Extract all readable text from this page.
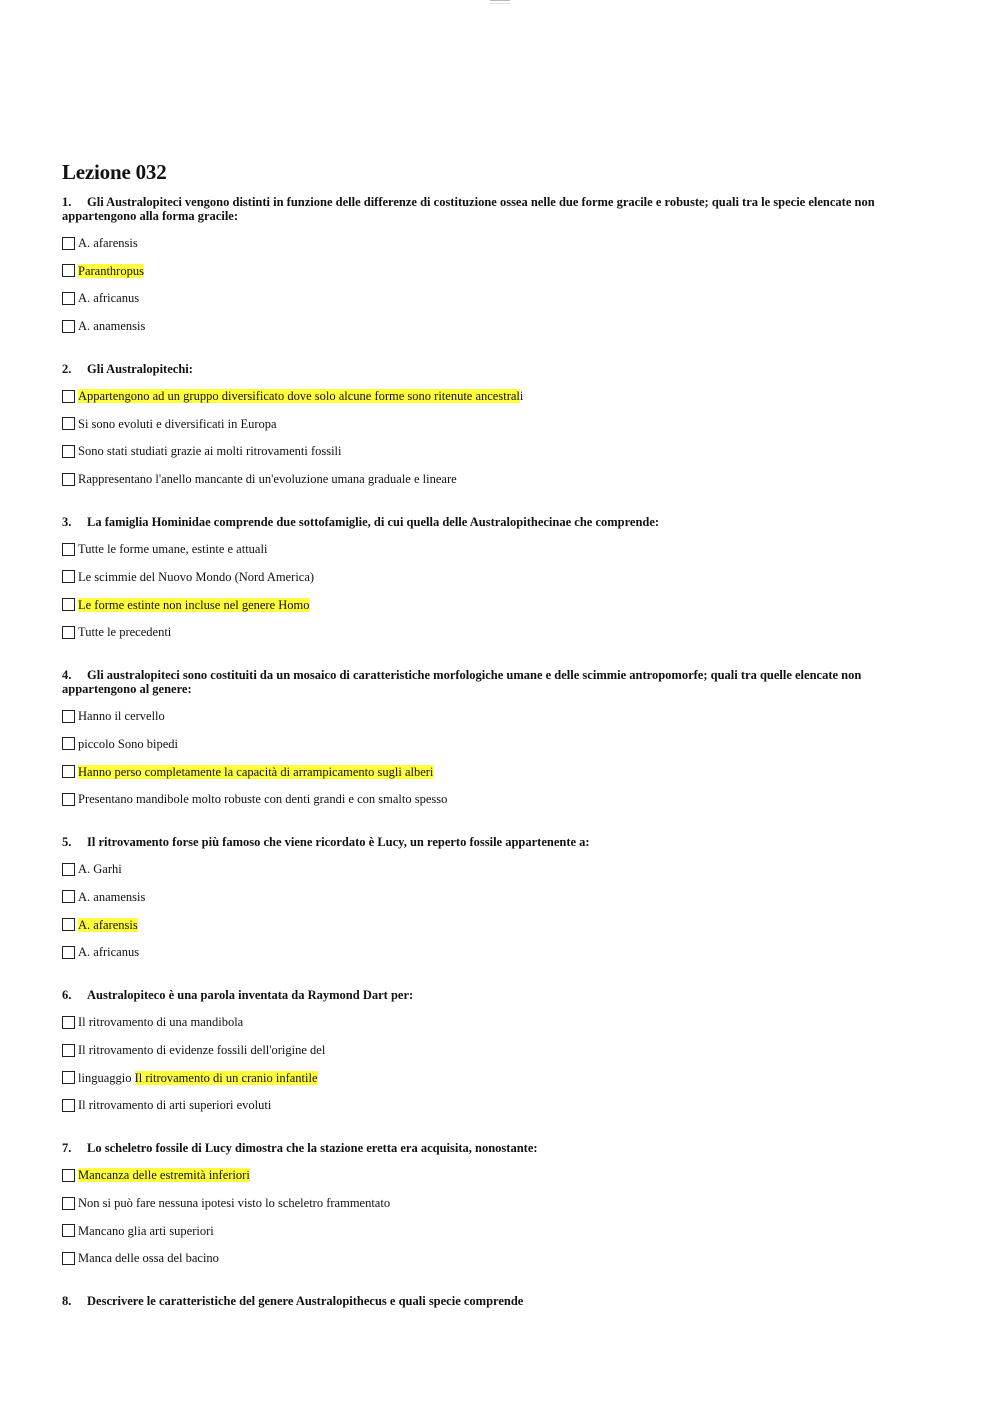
Lezione 032
1. Gli Australopiteci vengono distinti in funzione delle differenze di costituzione ossea nelle due forme gracile e robuste; quali tra le specie elencate non appartengono alla forma gracile:
A. afarensis
Paranthropus
A. africanus
A. anamensis
2. Gli Australopitechi:
Appartengono ad un gruppo diversificato dove solo alcune forme sono ritenute ancestrali
Si sono evoluti e diversificati in Europa
Sono stati studiati grazie ai molti ritrovamenti fossili
Rappresentano l'anello mancante di un'evoluzione umana graduale e lineare
3. La famiglia Hominidae comprende due sottofamiglie, di cui quella delle Australopithecinae che comprende:
Tutte le forme umane, estinte e attuali
Le scimmie del Nuovo Mondo (Nord America)
Le forme estinte non incluse nel genere Homo
Tutte le precedenti
4. Gli australopiteci sono costituiti da un mosaico di caratteristiche morfologiche umane e delle scimmie antropomorfe; quali tra quelle elencate non appartengono al genere:
Hanno il cervello
piccolo Sono bipedi
Hanno perso completamente la capacità di arrampicamento sugli alberi
Presentano mandibole molto robuste con denti grandi e con smalto spesso
5. Il ritrovamento forse più famoso che viene ricordato è Lucy, un reperto fossile appartenente a:
A. Garhi
A. anamensis
A. afarensis
A. africanus
6. Australopiteco è una parola inventata da Raymond Dart per:
Il ritrovamento di una mandibola
Il ritrovamento di evidenze fossili dell'origine del
linguaggio Il ritrovamento di un cranio infantile
Il ritrovamento di arti superiori evoluti
7. Lo scheletro fossile di Lucy dimostra che la stazione eretta era acquisita, nonostante:
Mancanza delle estremità inferiori
Non si può fare nessuna ipotesi visto lo scheletro frammentato
Mancano glia arti superiori
Manca delle ossa del bacino
8. Descrivere le caratteristiche del genere Australopithecus e quali specie comprende
